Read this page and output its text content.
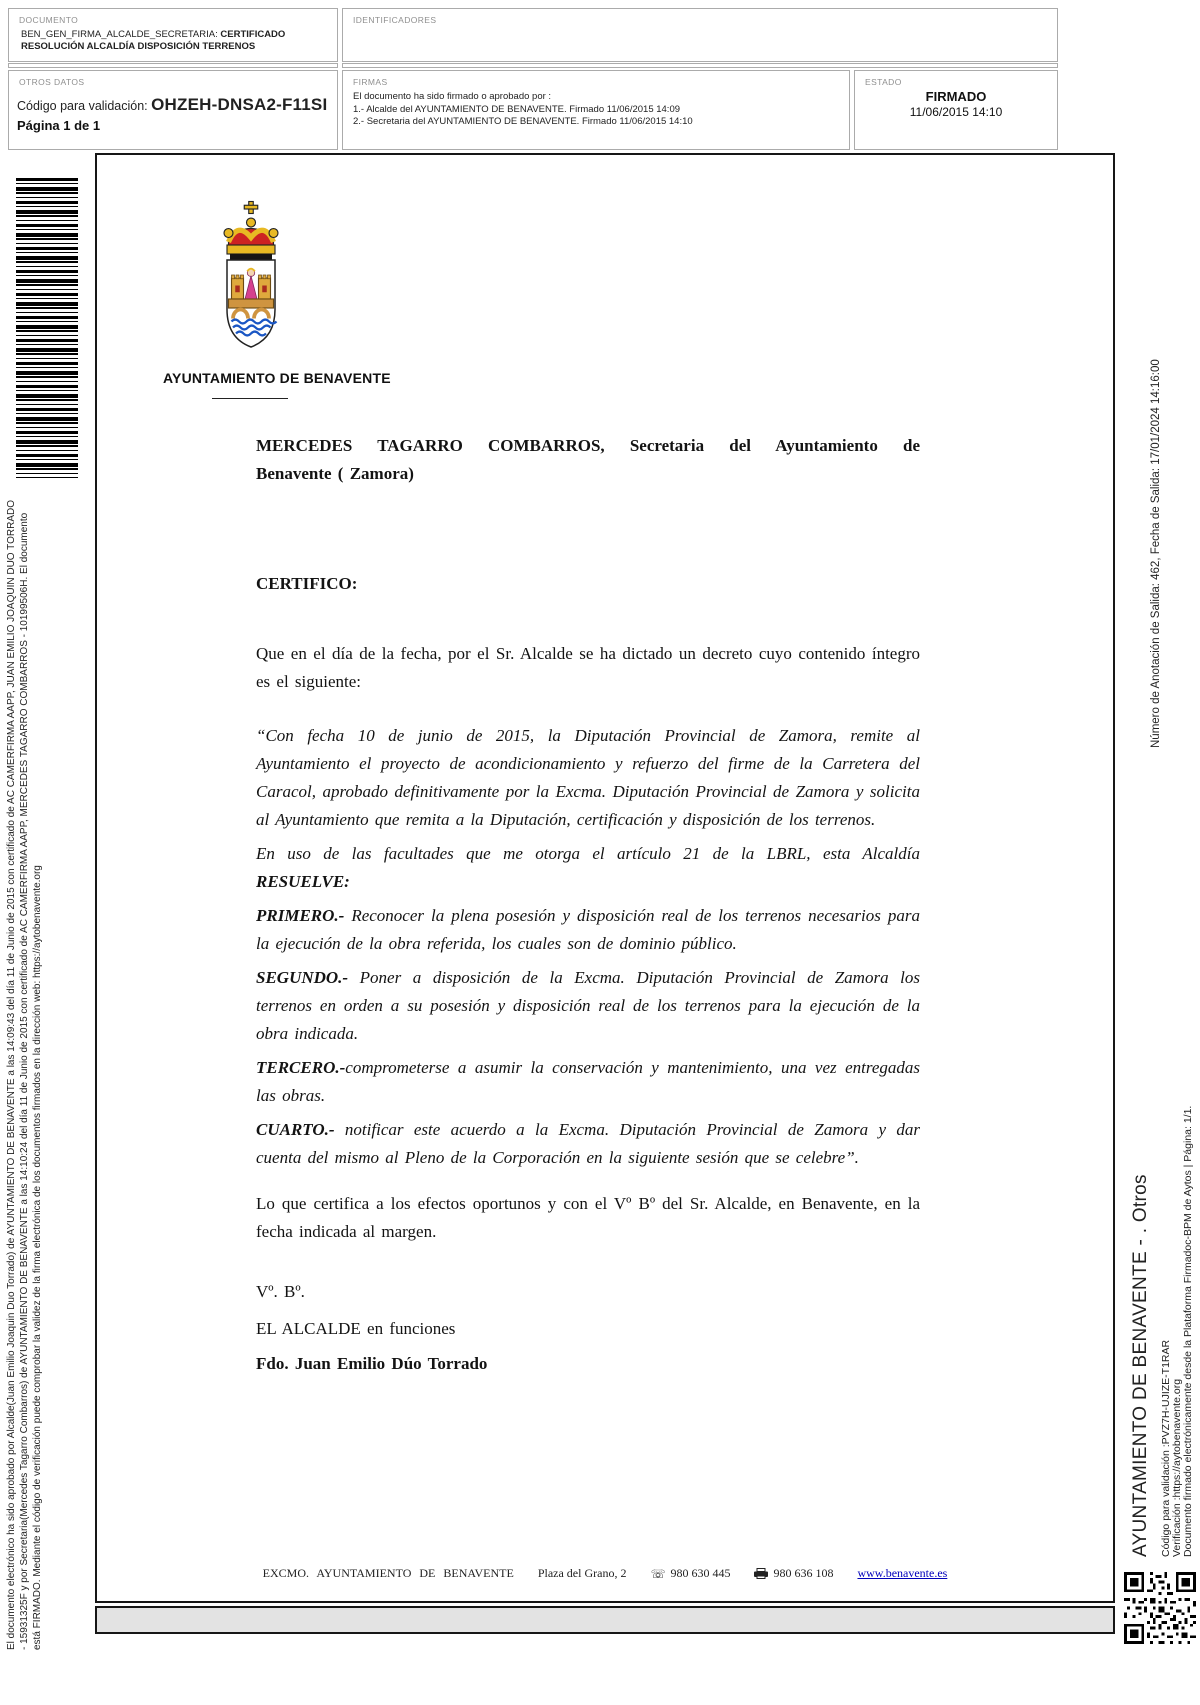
DOCUMENTO
BEN_GEN_FIRMA_ALCALDE_SECRETARIA: CERTIFICADO RESOLUCIÓN ALCALDÍA DISPOSICIÓN TERRENOS
IDENTIFICADORES
OTROS DATOS
Código para validación: OHZEH-DNSA2-F11SI
Página 1 de 1
FIRMAS
El documento ha sido firmado o aprobado por :
1.- Alcalde del AYUNTAMIENTO DE BENAVENTE. Firmado 11/06/2015 14:09
2.- Secretaria del AYUNTAMIENTO DE BENAVENTE. Firmado 11/06/2015 14:10
ESTADO
FIRMADO
11/06/2015 14:10
El documento electrónico ha sido aprobado por Alcalde(Juan Emilio Joaquin Duo Torrado) de AYUNTAMIENTO DE BENAVENTE a las 14:09:43 del día 11 de Junio de 2015 con certificado de AC CAMERFIRMA AAPP, JUAN EMILIO JOAQUIN DUO TORRADO - 15931325F y por Secretaria(Mercedes Tagarro Combarros) de AYUNTAMIENTO DE BENAVENTE a las 14:10:24 del día 11 de Junio de 2015 con certificado de AC CAMERFIRMA AAPP, MERCEDES TAGARRO COMBARROS - 10199506H. El documento está FIRMADO. Mediante el código de verificación puede comprobar la validez de la firma electrónica de los documentos firmados en la dirección web: https://aytobenavente.org
AYUNTAMIENTO DE BENAVENTE

MERCEDES TAGARRO COMBARROS, Secretaria del Ayuntamiento de

Benavente ( Zamora)

CERTIFICO:

Que en el día de la fecha, por el Sr. Alcalde se ha dictado un decreto cuyo contenido íntegro es el siguiente:

“Con fecha 10 de junio de 2015, la Diputación Provincial de Zamora, remite al Ayuntamiento el proyecto de acondicionamiento y refuerzo del firme de la Carretera del Caracol, aprobado definitivamente por la Excma. Diputación Provincial de Zamora y solicita al Ayuntamiento que remita a la Diputación, certificación y disposición de los terrenos.

En uso de las facultades que me otorga el artículo 21 de la LBRL, esta Alcaldía RESUELVE:

PRIMERO.- Reconocer la plena posesión y disposición real de los terrenos necesarios para la ejecución de la obra referida, los cuales son de dominio público.

SEGUNDO.- Poner a disposición de la Excma. Diputación Provincial de Zamora los terrenos en orden a su posesión y disposición real de los terrenos para la ejecución de la obra indicada.

TERCERO.-comprometerse a asumir la conservación y mantenimiento, una vez entregadas las obras.

CUARTO.- notificar este acuerdo a la Excma. Diputación Provincial de Zamora y dar cuenta del mismo al Pleno de la Corporación en la siguiente sesión que se celebre”.

Lo que certifica a los efectos oportunos y con el Vº Bº del Sr. Alcalde, en Benavente, en la fecha indicada al margen.

Vº. Bº.

EL ALCALDE en funciones

Fdo. Juan Emilio Dúo Torrado

EXCMO. AYUNTAMIENTO DE BENAVENTE Plaza del Grano, 2 ☏ 980 630 445	980 636 108 www.benavente.es
Número de Anotación de Salida: 462, Fecha de Salida: 17/01/2024 14:16:00
AYUNTAMIENTO DE BENAVENTE - . Otros Código para validación :PVZ7H-UJIZE-T1RAR Verificación :https://aytobenavente.org Documento firmado electrónicamente desde la Plataforma Firmadoc-BPM de Aytos | Página: 1/1.
